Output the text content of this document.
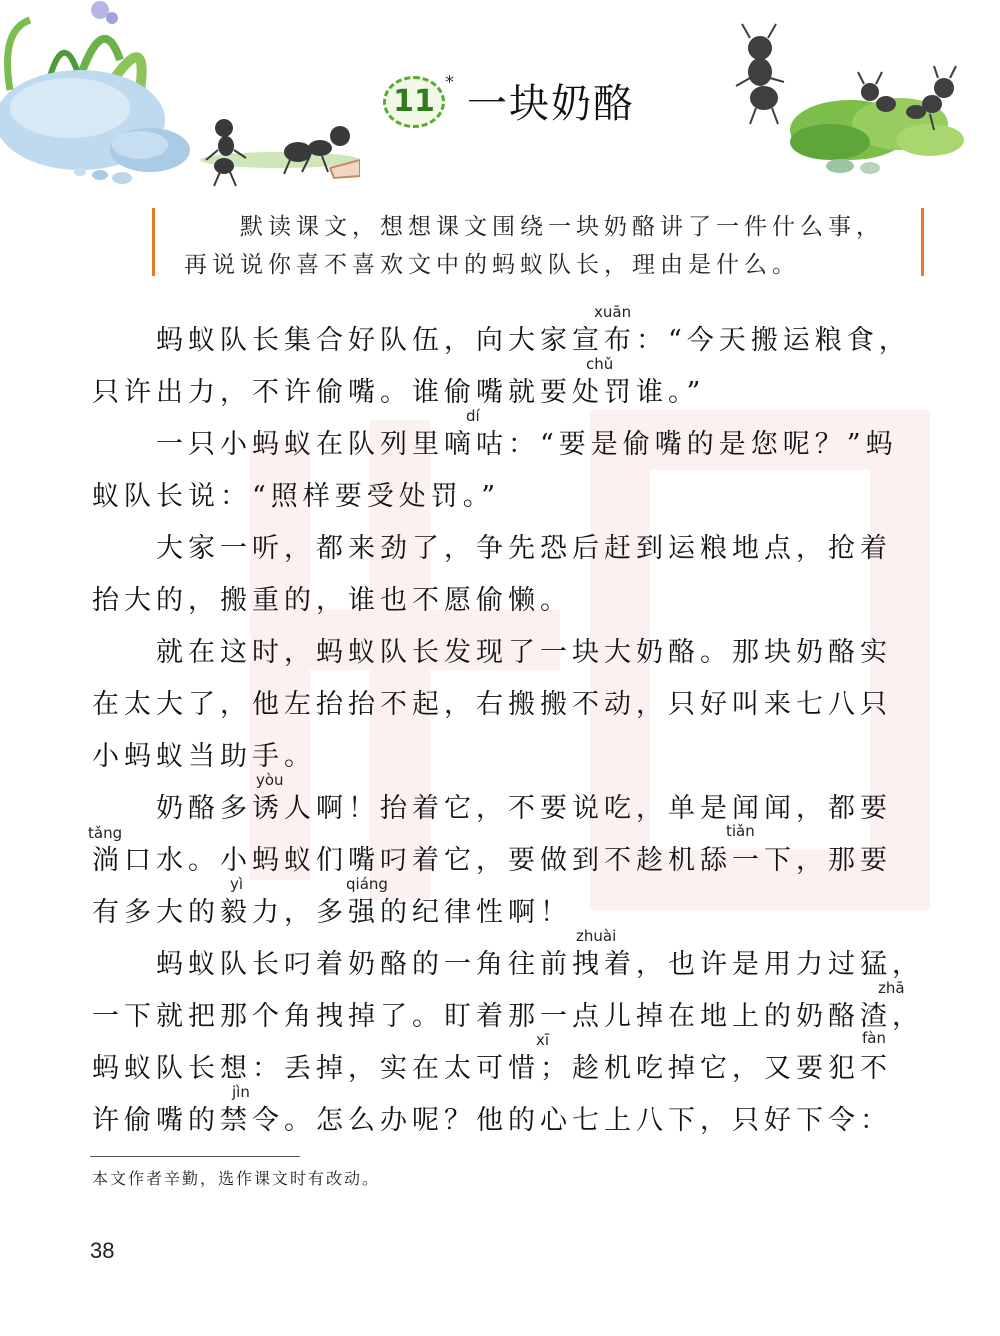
11
* 一块奶酪
默读课文，想想课文围绕一块奶酪讲了一件什么事，
再说说你喜不喜欢文中的蚂蚁队长，理由是什么。
xuān
chǔ
dí
yòu
tǎng	tiǎn
yì	qiáng
zhuài
zhā
xī	fàn
jìn
蚂蚁队长集合好队伍，向大家宣布：“今天搬运粮食，
只许出力，不许偷嘴。谁偷嘴就要处罚谁。”
一只小蚂蚁在队列里嘀咕：“要是偷嘴的是您呢？”蚂
蚁队长说：“照样要受处罚。”
大家一听，都来劲了，争先恐后赶到运粮地点，抢着
抬大的，搬重的，谁也不愿偷懒。
就在这时，蚂蚁队长发现了一块大奶酪。那块奶酪实
在太大了，他左抬抬不起，右搬搬不动，只好叫来七八只
小蚂蚁当助手。
奶酪多诱人啊！抬着它，不要说吃，单是闻闻，都要
淌口水。小蚂蚁们嘴叼着它，要做到不趁机舔一下，那要
有多大的毅力，多强的纪律性啊！
蚂蚁队长叼着奶酪的一角往前拽着，也许是用力过猛，
一下就把那个角拽掉了。盯着那一点儿掉在地上的奶酪渣，
蚂蚁队长想：丢掉，实在太可惜；趁机吃掉它，又要犯不
许偷嘴的禁令。怎么办呢？他的心七上八下，只好下令：
本文作者辛勤，选作课文时有改动。
38
